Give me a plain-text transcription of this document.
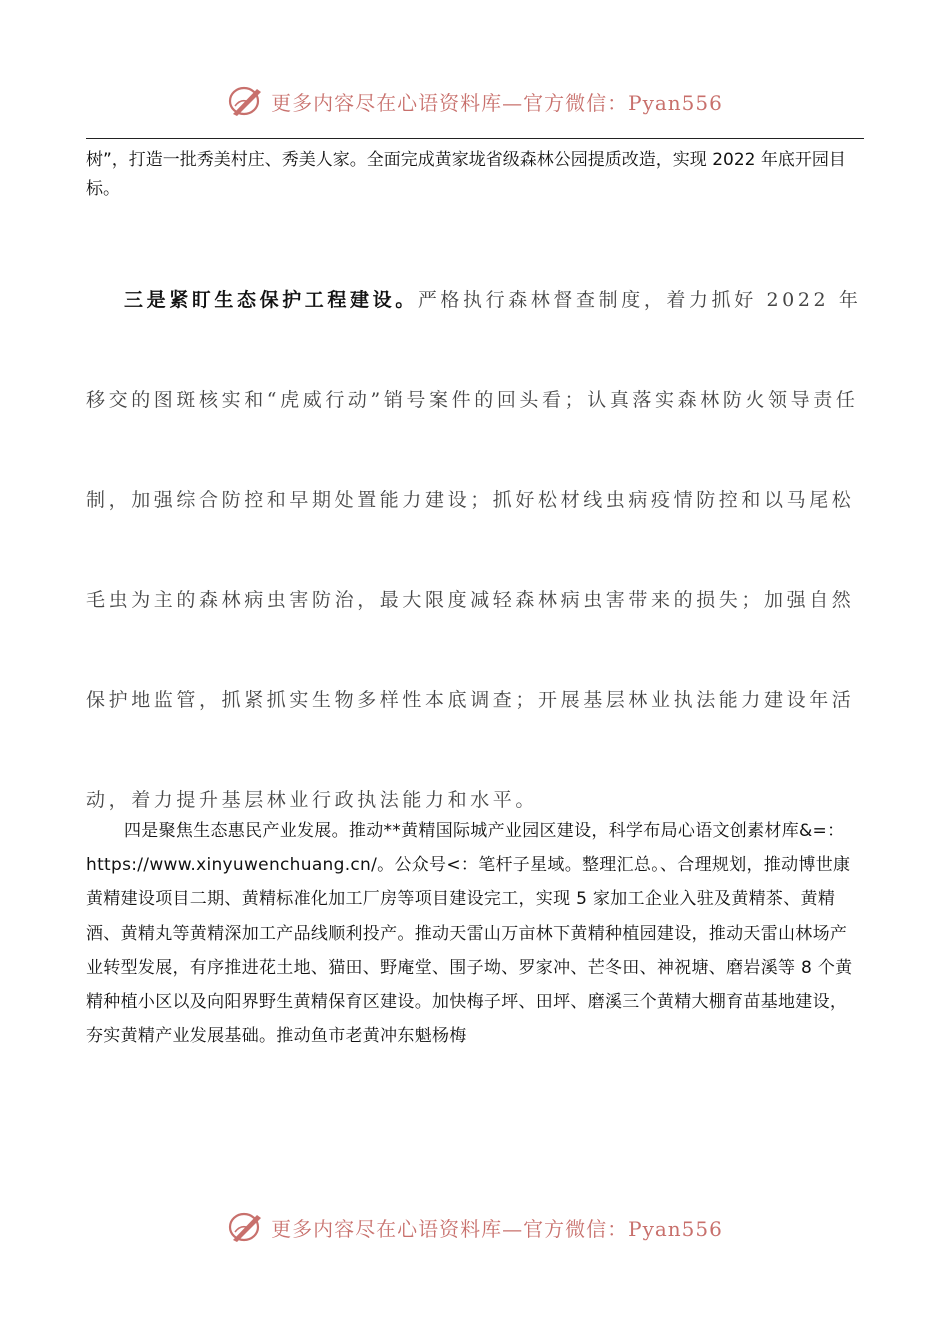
更多内容尽在心语资料库—官方微信：Pyan556

树”，打造一批秀美村庄、秀美人家。全面完成黄家垅省级森林公园提质改造，实现 2022 年底开园目标。

三是紧盯生态保护工程建设。严格执行森林督查制度，着力抓好 2022 年移交的图斑核实和“虎威行动”销号案件的回头看；认真落实森林防火领导责任制，加强综合防控和早期处置能力建设；抓好松材线虫病疫情防控和以马尾松毛虫为主的森林病虫害防治，最大限度减轻森林病虫害带来的损失；加强自然保护地监管，抓紧抓实生物多样性本底调查；开展基层林业执法能力建设年活动，着力提升基层林业行政执法能力和水平。

四是聚焦生态惠民产业发展。推动**黄精国际城产业园区建设，科学布局心语文创素材库&=：https://www.xinyuwenchuang.cn/。公众号<：笔杆子星域。整理汇总。、合理规划，推动博世康黄精建设项目二期、黄精标准化加工厂房等项目建设完工，实现 5 家加工企业入驻及黄精茶、黄精酒、黄精丸等黄精深加工产品线顺利投产。推动天雷山万亩林下黄精种植园建设，推动天雷山林场产业转型发展，有序推进花土地、猫田、野庵堂、围子坳、罗家冲、芒冬田、神祝塘、磨岩溪等 8 个黄精种植小区以及向阳界野生黄精保育区建设。加快梅子坪、田坪、磨溪三个黄精大棚育苗基地建设，夯实黄精产业发展基础。推动鱼市老黄冲东魁杨梅

更多内容尽在心语资料库—官方微信：Pyan556
